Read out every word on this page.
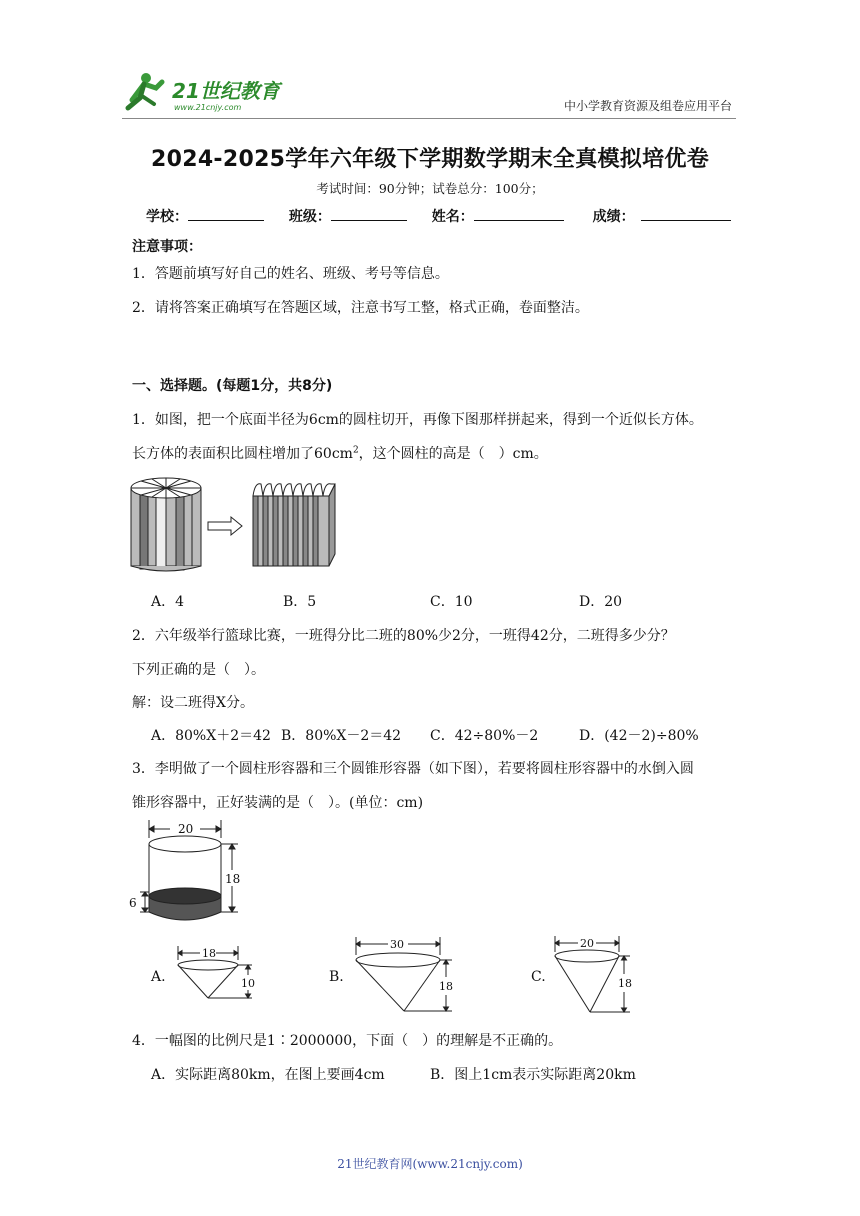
21世纪教育
www.21cnjy.com	中小学教育资源及组卷应用平台
2024-2025学年六年级下学期数学期末全真模拟培优卷
考试时间：90分钟；试卷总分：100分；
学校：	班级：	姓名：	成绩：
注意事项：
1．答题前填写好自己的姓名、班级、考号等信息。
2．请将答案正确填写在答题区域，注意书写工整，格式正确，卷面整洁。
一、选择题。(每题1分，共8分)
1．如图，把一个底面半径为6cm的圆柱切开，再像下图那样拼起来，得到一个近似长方体。
长方体的表面积比圆柱增加了$60cm^2$，这个圆柱的高是（　）cm。
A．4	B．5	C．10	D．20
2．六年级举行篮球比赛，一班得分比二班的80%少2分，一班得42分，二班得多少分？
下列正确的是（　）。
解：设二班得X分。
A．80%X＋2＝42 B．80%X－2＝42 C．42÷80%－2	D．(42－2)÷80%
3．李明做了一个圆柱形容器和三个圆锥形容器（如下图），若要将圆柱形容器中的水倒入圆
锥形容器中，正好装满的是（　）。(单位：cm)
20
18
6
A.
18
10	B.
30
18
C.
20
18
4．一幅图的比例尺是1∶2000000，下面（　）的理解是不正确的。
A．实际距离80km，在图上要画4cm	B．图上1cm表示实际距离20km
21世纪教育网(www.21cnjy.com)
